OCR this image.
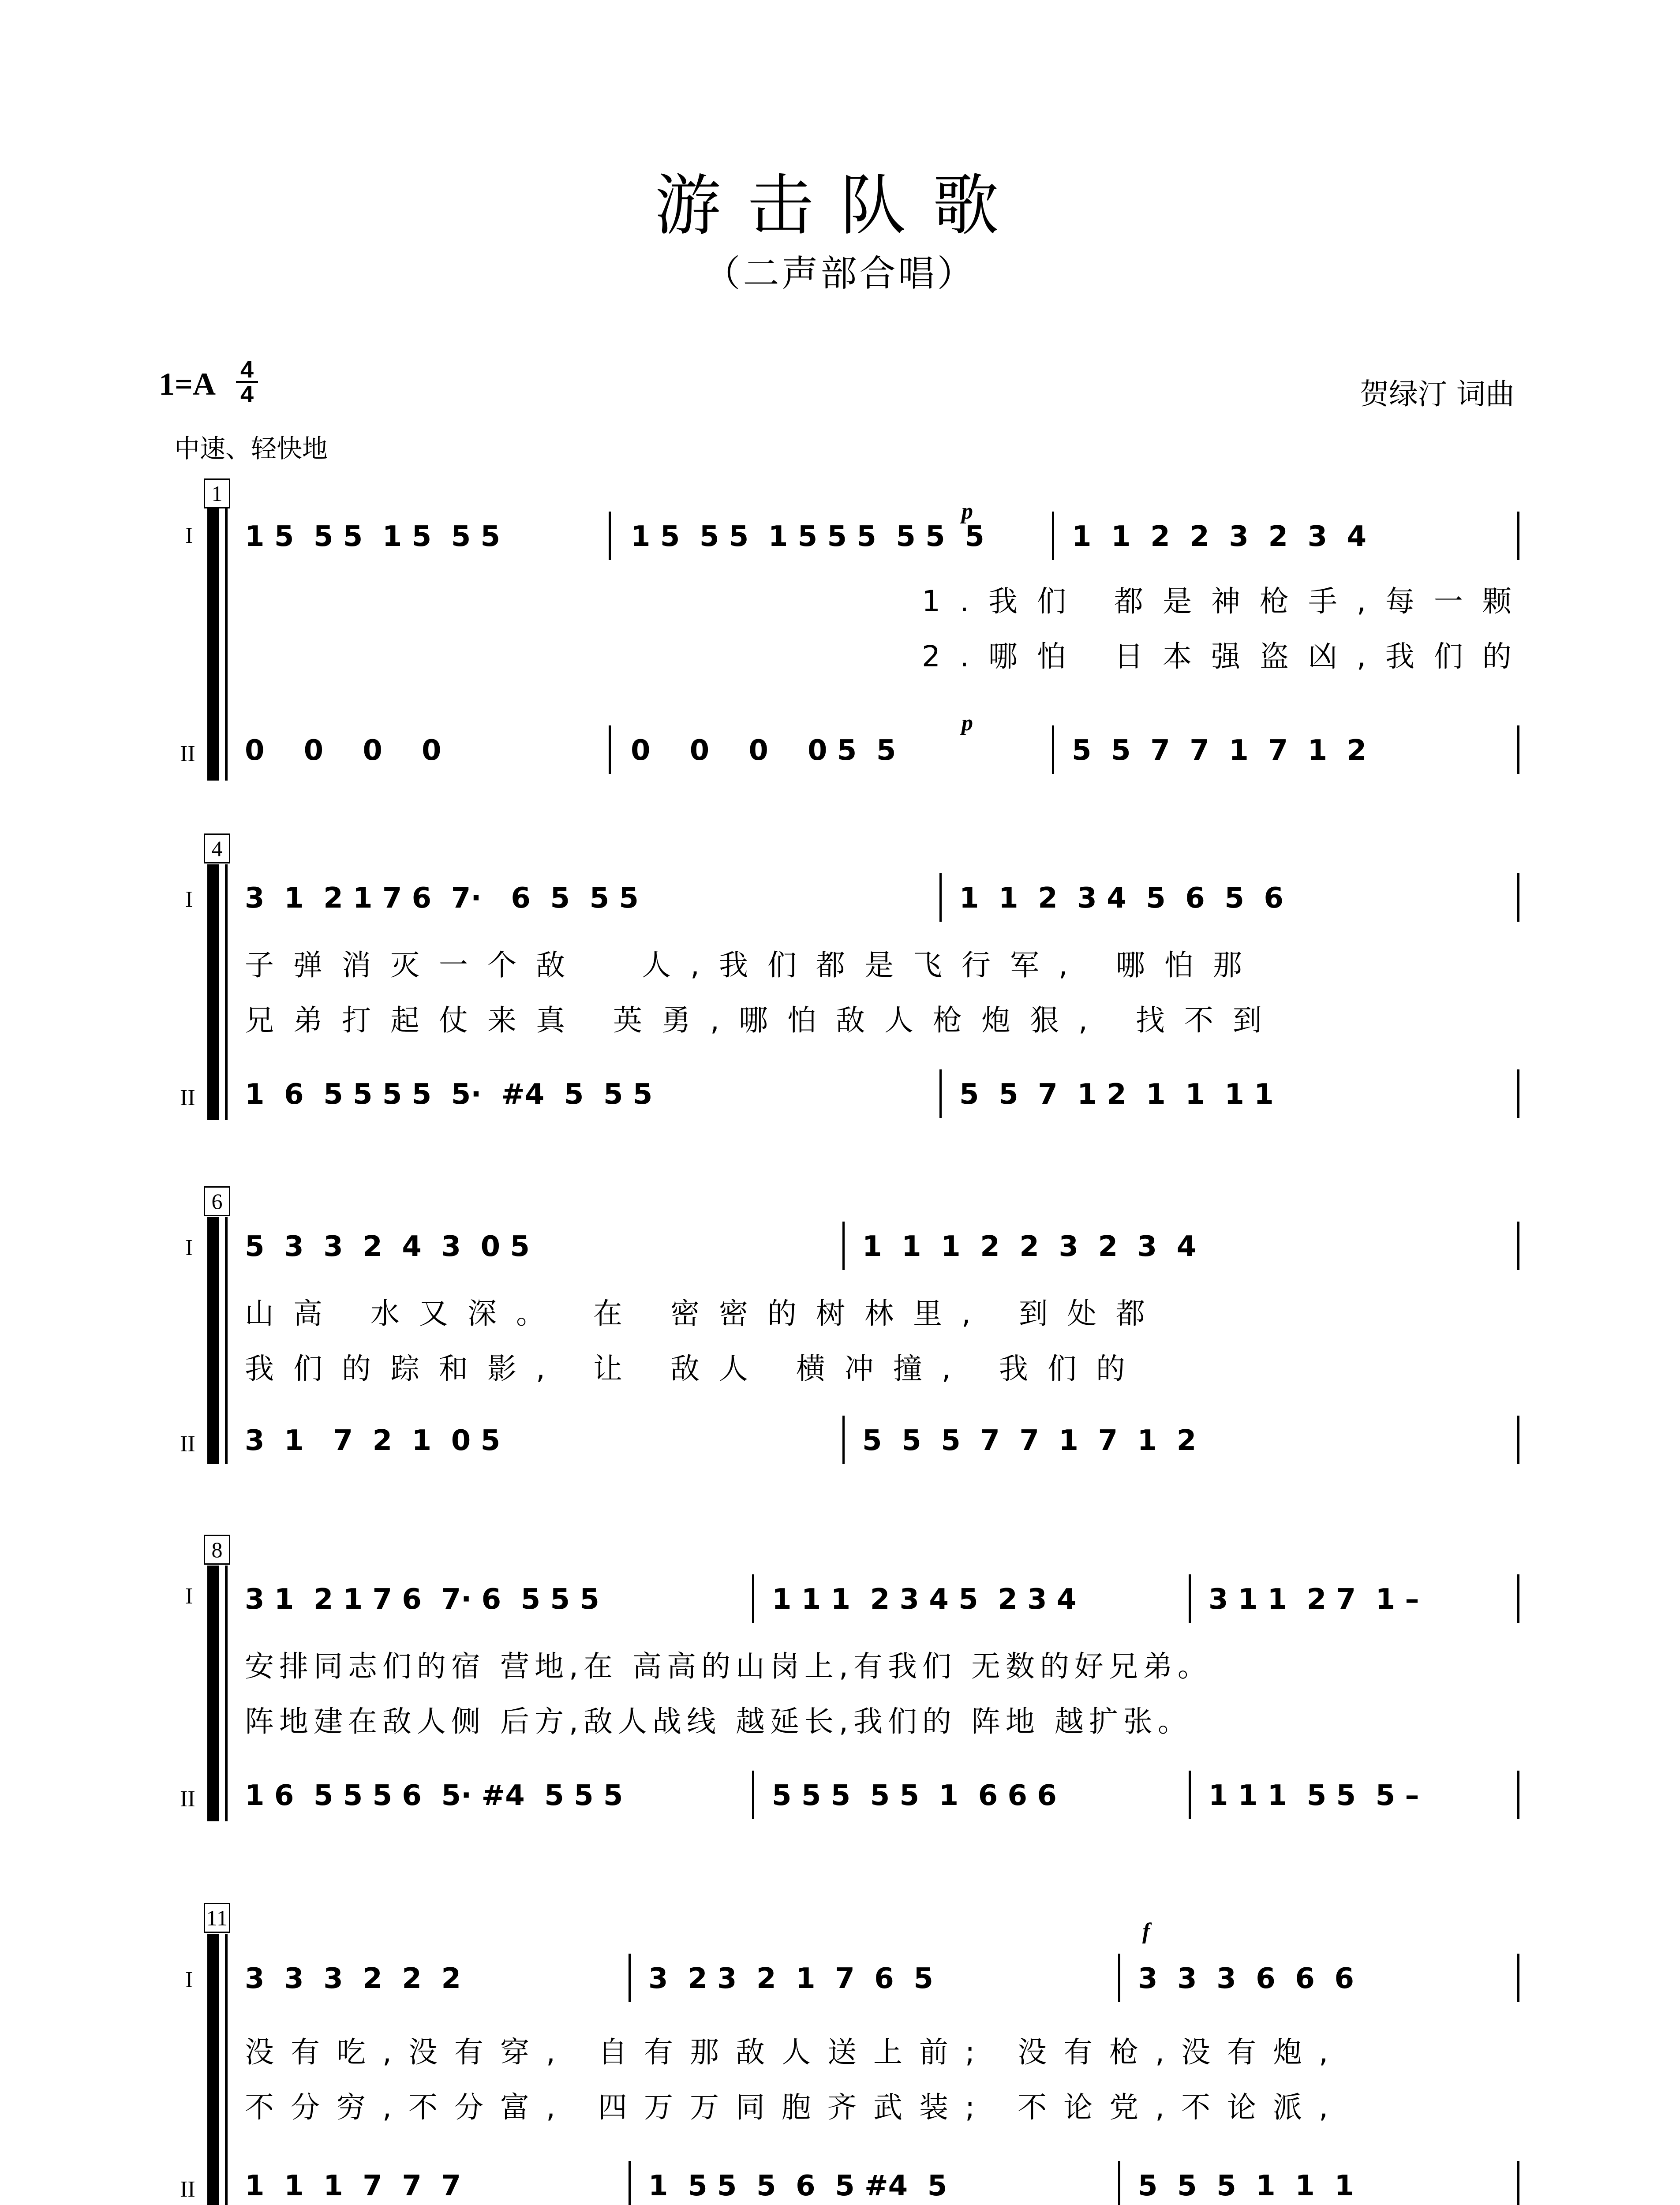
游击队歌
（二声部合唱）
1=A 4
4	贺绿汀 词曲
中速、轻快地
1
I
II
p
1 5  5 5  1 5  5 5	1 5  5 5  1 5 5 5  5 5  5	1  1  2  2  3  2  3  4
1.我们 都是神枪手,每一颗
2.哪怕 日本强盗凶,我们的
p
0    0    0    0	0    0    0    0 5  5	5  5  7  7  1  7  1  2
4
I
II
3  1  2 1 7 6  7·   6  5  5 5	1  1  2  3 4  5  6  5  6
子弹消灭一个敌  人,我们都是飞行军, 哪怕那
兄弟打起仗来真 英勇,哪怕敌人枪炮狠, 找不到
1  6  5 5 5 5  5·  #4  5  5 5	5  5  7  1 2  1  1  1 1
6
I
II
5  3  3  2  4  3  0 5	1  1  1  2  2  3  2  3  4
山高 水又深。 在 密密的树林里, 到处都
我们的踪和影, 让 敌人 横冲撞, 我们的
3  1   7  2  1  0 5	5  5  5  7  7  1  7  1  2
8
I
II
3 1  2 1 7 6  7· 6  5 5 5	1 1 1  2 3 4 5  2 3 4	3 1 1  2 7  1 –
安排同志们的宿 营地,在 高高的山岗上,有我们 无数的好兄弟。
阵地建在敌人侧 后方,敌人战线 越延长,我们的 阵地 越扩张。
1 6  5 5 5 6  5· #4  5 5 5	5 5 5  5 5  1  6 6 6	1 1 1  5 5  5 –
11
I
II
f
3  3  3  2  2  2	3  2 3  2  1  7  6  5	3  3  3  6  6  6
没有吃,没有穿, 自有那敌人送上前; 没有枪,没有炮,
不分穷,不分富, 四万万同胞齐武装; 不论党,不论派,
1  1  1  7  7  7	1  5 5  5  6  5 #4  5	5  5  5  1  1  1
